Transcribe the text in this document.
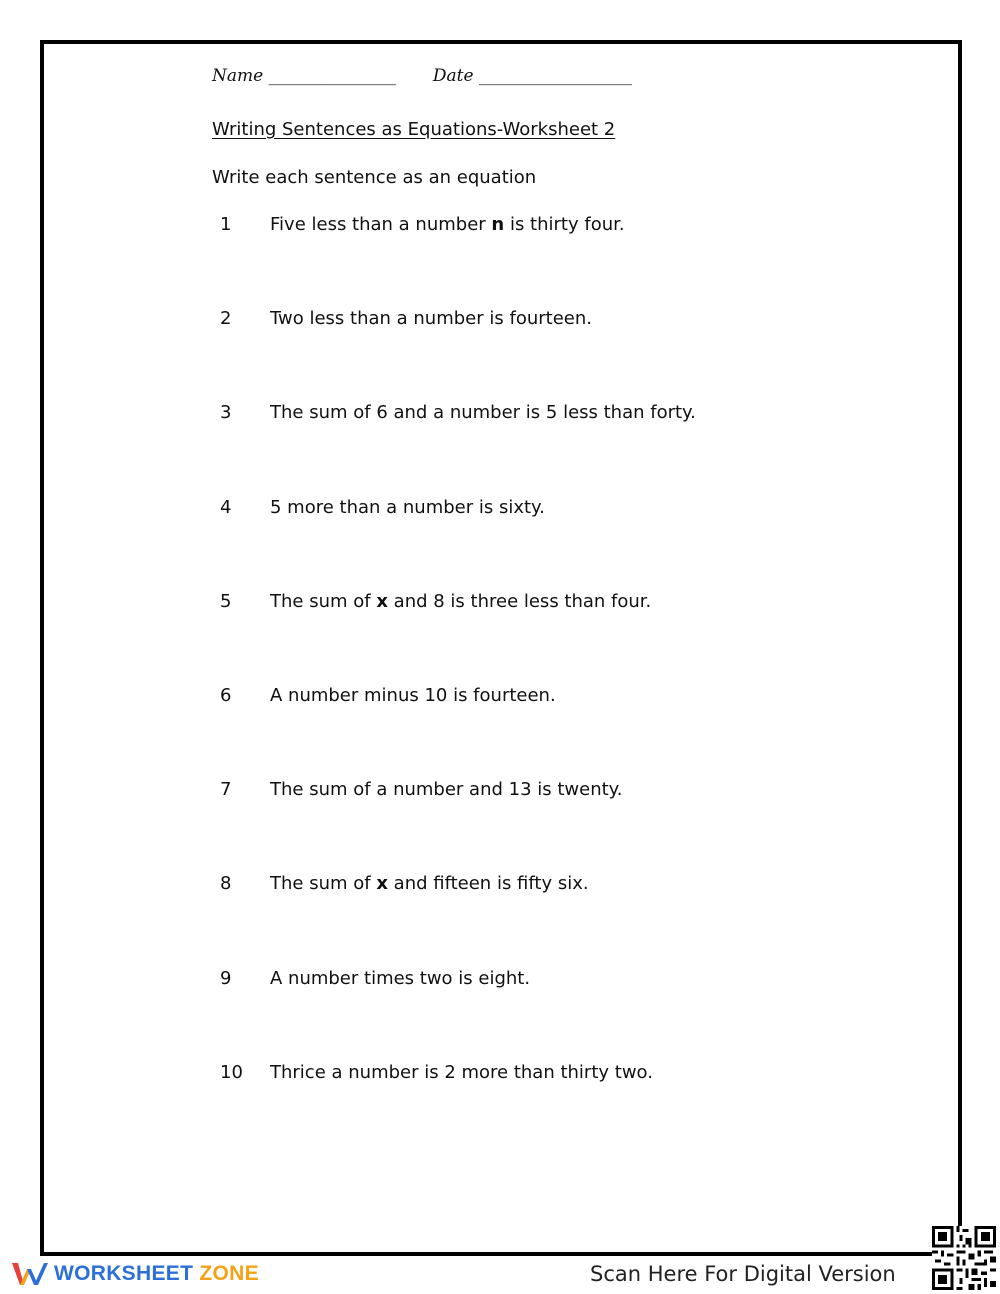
Name _______________ Date __________________
Writing Sentences as Equations-Worksheet 2
Write each sentence as an equation
1 Five less than a number n is thirty four.
2 Two less than a number is fourteen.
3 The sum of 6 and a number is 5 less than forty.
4 5 more than a number is sixty.
5 The sum of x and 8 is three less than four.
6 A number minus 10 is fourteen.
7 The sum of a number and 13 is twenty.
8 The sum of x and fifteen is fifty six.
9 A number times two is eight.
10 Thrice a number is 2 more than thirty two.
WORKSHEET ZONE	Scan Here For Digital Version
